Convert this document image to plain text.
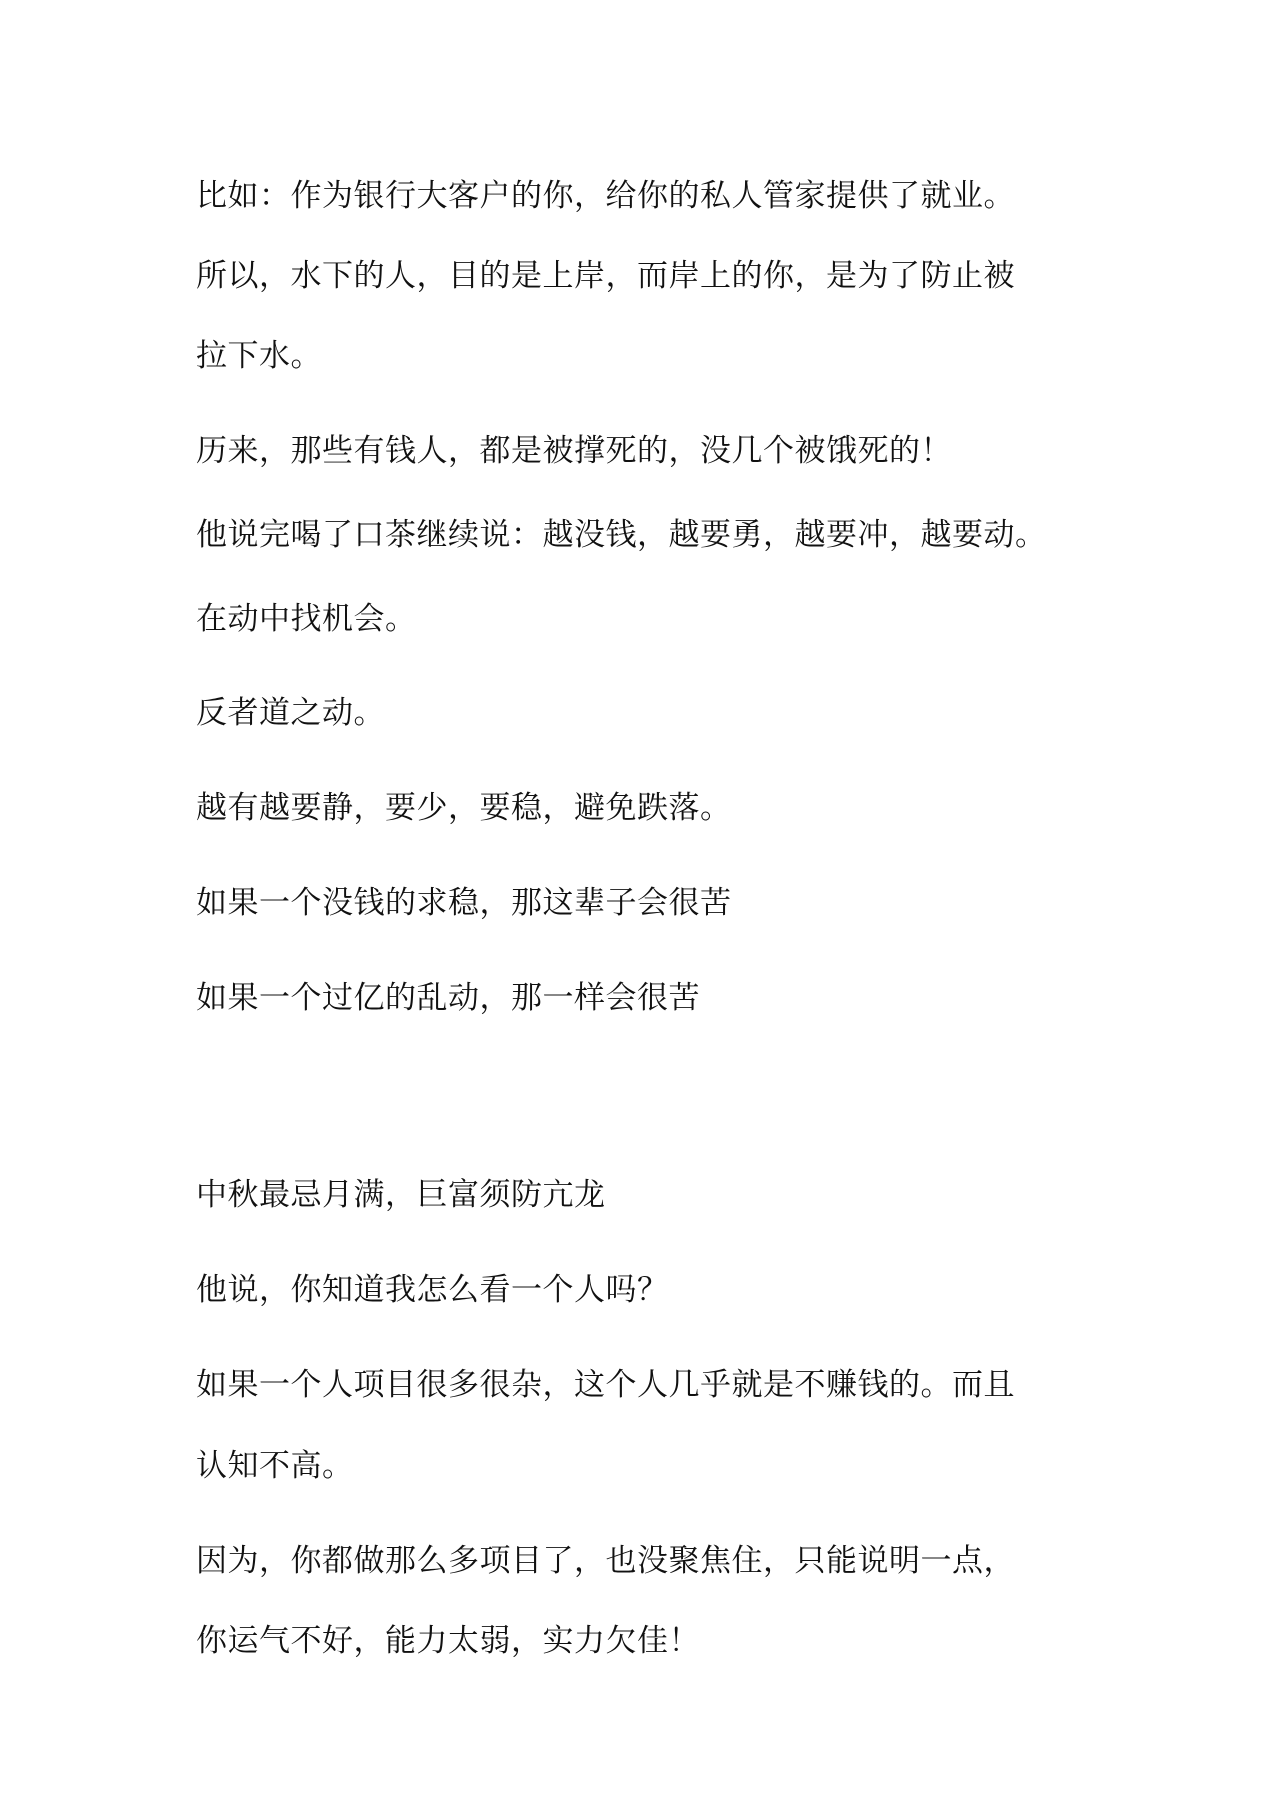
比如：作为银行大客户的你，给你的私人管家提供了就业。

所以，水下的人，目的是上岸，而岸上的你，是为了防止被

拉下水。

历来，那些有钱人，都是被撑死的，没几个被饿死的！

他说完喝了口茶继续说：越没钱，越要勇，越要冲，越要动。

在动中找机会。

反者道之动。

越有越要静，要少，要稳，避免跌落。

如果一个没钱的求稳，那这辈子会很苦

如果一个过亿的乱动，那一样会很苦

中秋最忌月满，巨富须防亢龙

他说，你知道我怎么看一个人吗？

如果一个人项目很多很杂，这个人几乎就是不赚钱的。而且

认知不高。

因为，你都做那么多项目了，也没聚焦住，只能说明一点，

你运气不好，能力太弱，实力欠佳！
